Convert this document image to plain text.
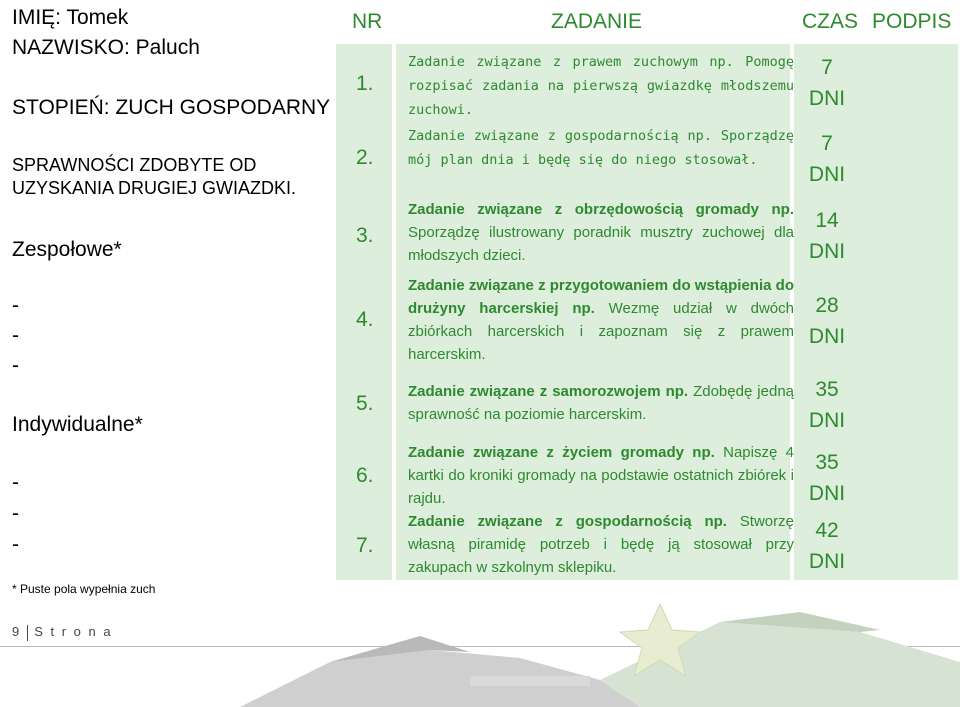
IMIĘ: Tomek
NAZWISKO: Paluch
STOPIEŃ: ZUCH GOSPODARNY
SPRAWNOŚCI ZDOBYTE OD
UZYSKANIA DRUGIEJ GWIAZDKI.
Zespołowe*
-
-
-
Indywidualne*
-
-
-
* Puste pola wypełnia zuch
NR	ZADANIE	CZAS PODPIS
1.
Zadanie związane z prawem zuchowym np. Pomogę rozpisać zadania na pierwszą gwiazdkę młodszemu zuchowi.
7
DNI
2.
Zadanie związane z gospodarnością np. Sporządzę mój plan dnia i będę się do niego stosował.
7
DNI
3.
Zadanie związane z obrzędowością gromady np. Sporządzę ilustrowany poradnik musztry zuchowej dla młodszych dzieci.
14
DNI
4.
Zadanie związane z przygotowaniem do wstąpienia do drużyny harcerskiej np. Wezmę udział w dwóch zbiórkach harcerskich i zapoznam się z prawem harcerskim.
28
DNI
5.
Zadanie związane z samorozwojem np. Zdobędę jedną sprawność na poziomie harcerskim.
35
DNI
6.
Zadanie związane z życiem gromady np. Napiszę 4 kartki do kroniki gromady na podstawie ostatnich zbiórek i rajdu.
35
DNI
7.
Zadanie związane z gospodarnością np. Stworzę własną piramidę potrzeb i będę ją stosował przy zakupach w szkolnym sklepiku.
42
DNI
9 S t r o n a
